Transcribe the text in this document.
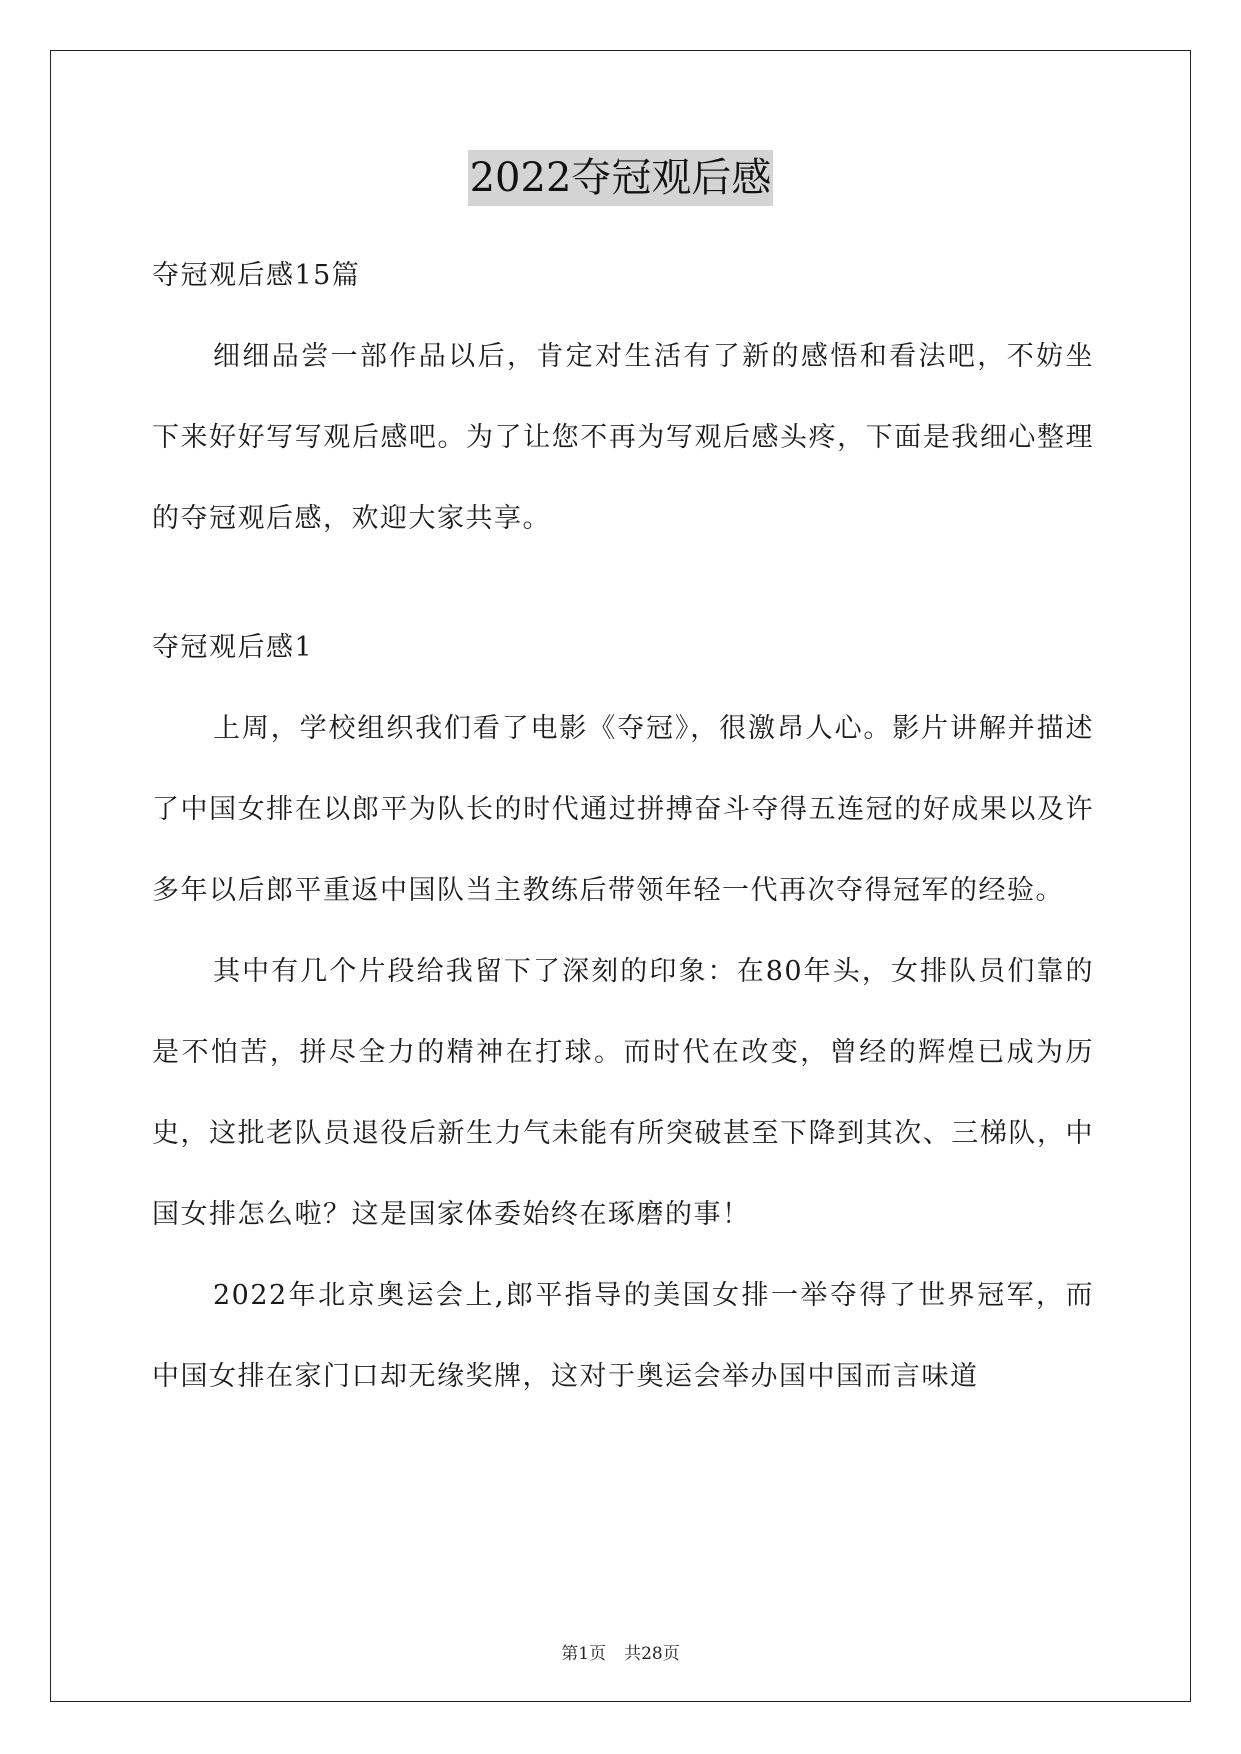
2022夺冠观后感

夺冠观后感15篇

细细品尝一部作品以后，肯定对生活有了新的感悟和看法吧，不妨坐下来好好写写观后感吧。为了让您不再为写观后感头疼，下面是我细心整理的夺冠观后感，欢迎大家共享。

夺冠观后感1

上周，学校组织我们看了电影《夺冠》，很激昂人心。影片讲解并描述了中国女排在以郎平为队长的时代通过拼搏奋斗夺得五连冠的好成果以及许多年以后郎平重返中国队当主教练后带领年轻一代再次夺得冠军的经验。

其中有几个片段给我留下了深刻的印象：在80年头，女排队员们靠的是不怕苦，拼尽全力的精神在打球。而时代在改变，曾经的辉煌已成为历史，这批老队员退役后新生力气未能有所突破甚至下降到其次、三梯队，中国女排怎么啦？这是国家体委始终在琢磨的事！

2022年北京奥运会上,郎平指导的美国女排一举夺得了世界冠军，而中国女排在家门口却无缘奖牌，这对于奥运会举办国中国而言味道

第1页 共28页
